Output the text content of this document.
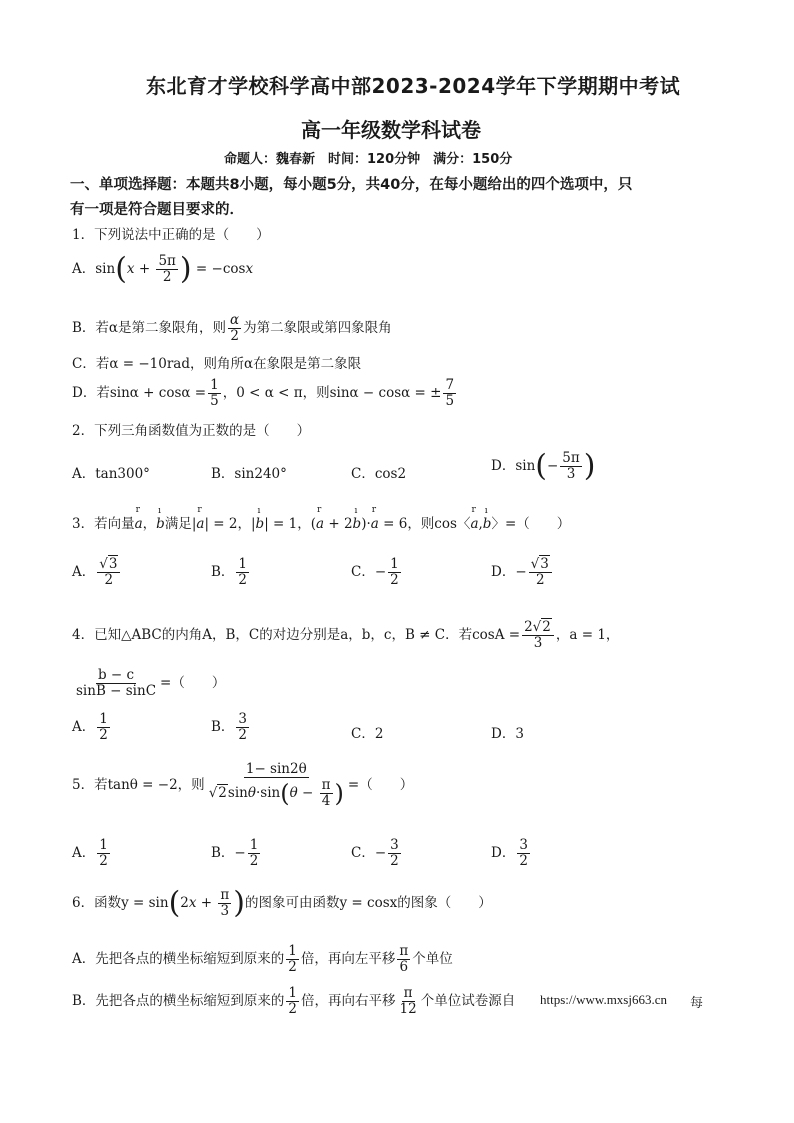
东北育才学校科学高中部2023-2024学年下学期期中考试
高一年级数学科试卷
命题人：魏春新　时间：120分钟　满分：150分
一、单项选择题：本题共8小题，每小题5分，共40分，在每小题给出的四个选项中，只
有一项是符合题目要求的．
1．下列说法中正确的是（　　）
A．$\sin(x + \frac{5\pi}{2}$ ) = −cosx
B．若α是第二象限角，则 $\frac{\alpha}{2}$ 为第二象限或第四象限角
C．若α = −10rad，则角所α在象限是第二象限
D．若$\sin\alpha + \cos\alpha = \frac{1}{5}$ ，0 < α < π，则sinα − cosα = ± $\frac{7}{5}$
2．下列三角函数值为正数的是（　　）
A．tan300°	B．sin240°	C．cos2
D．$\sin(- \frac{5\pi}{3}$ )
3．若向量r a，ı b满足|r a| = 2，|ı b| = 1，(r a + 2ı b)·r a = 6，则cos〈r a,ı b〉=（　　）
A． $\frac{√3}{2}$	B． $\frac{1}{2}$	C．− $\frac{1}{2}$	D．− $\frac{√3}{2}$
4．已知△ABC的内角A，B，C的对边分别是a，b，c，B ≠ C．若$\cos A = \frac{2√2}{3}$ ，a = 1，
$\frac{b - c}{\sin B - \sin C}$ =（　　）
A． $\frac{1}{2}$	B． $\frac{3}{2}$	C．2	D．3
5．若tanθ = −2，则 $\frac{1- \sin 2\theta}{√2\sin\theta\cdot\sin(\theta - \frac{\pi}{4} )}$ =（　　）
A． $\frac{1}{2}$	B．− $\frac{1}{2}$	C．− $\frac{3}{2}$	D． $\frac{3}{2}$
6．函数$y = \sin(2x + \frac{\pi}{3}$ )的图象可由函数y = cosx的图象（　　）
A．先把各点的横坐标缩短到原来的 $\frac{1}{2}$ 倍，再向左平移 $\frac{\pi}{6}$ 个单位
B．先把各点的横坐标缩短到原来的 $\frac{1}{2}$ 倍，再向右平移 $\frac{\pi}{12}$ 个单位试卷源自 https://www.mxsj663.cn 每
